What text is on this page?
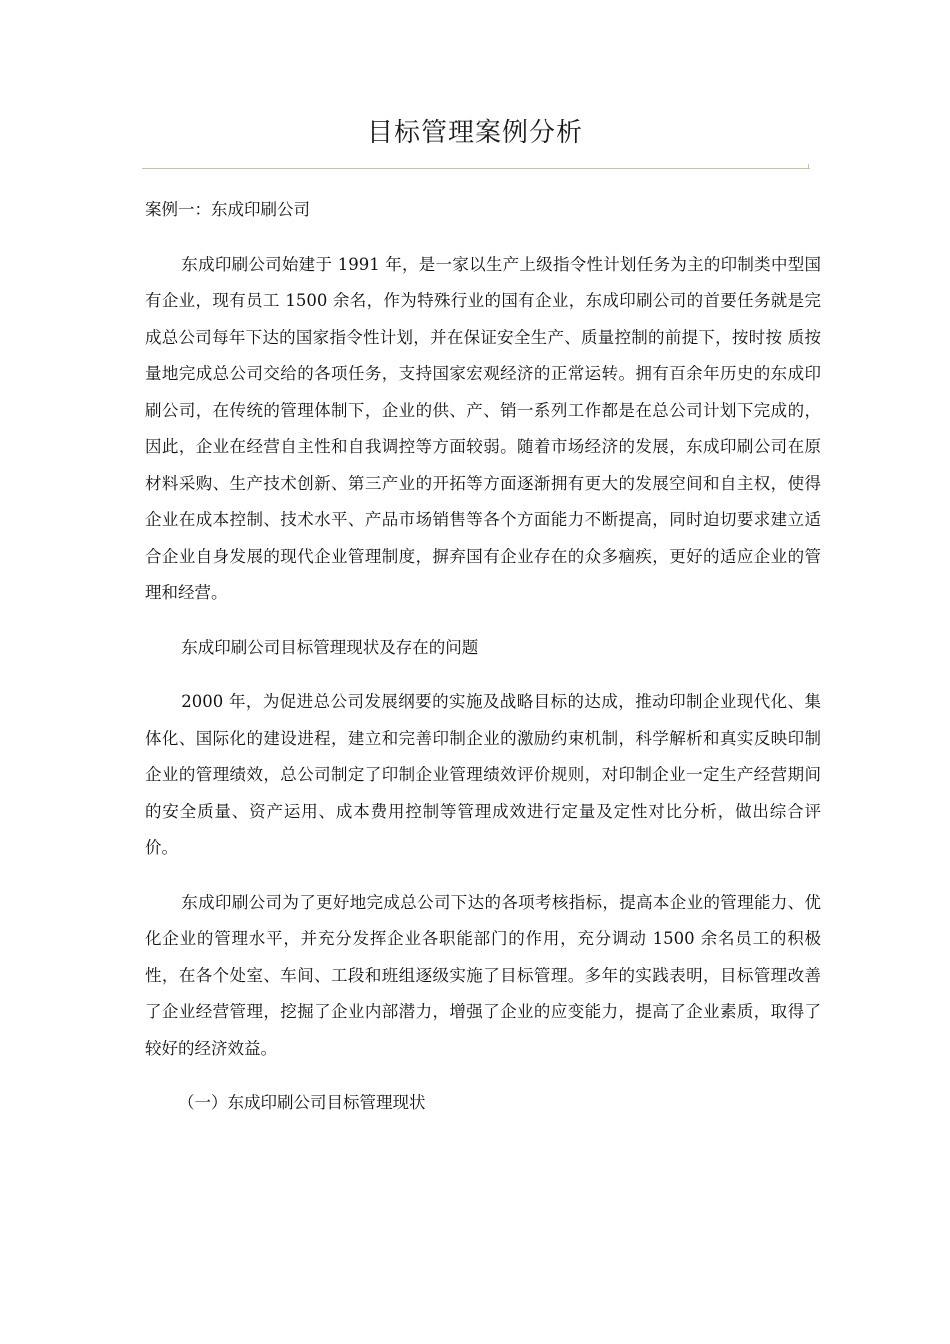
目标管理案例分析

案例一：东成印刷公司

东成印刷公司始建于 1991 年，是一家以生产上级指令性计划任务为主的印制类中型国有企业，现有员工 1500 余名，作为特殊行业的国有企业，东成印刷公司的首要任务就是完成总公司每年下达的国家指令性计划，并在保证安全生产、质量控制的前提下，按时按 质按量地完成总公司交给的各项任务，支持国家宏观经济的正常运转。拥有百余年历史的东成印刷公司，在传统的管理体制下，企业的供、产、销一系列工作都是在总公司计划下完成的，因此，企业在经营自主性和自我调控等方面较弱。随着市场经济的发展，东成印刷公司在原材料采购、生产技术创新、第三产业的开拓等方面逐渐拥有更大的发展空间和自主权，使得企业在成本控制、技术水平、产品市场销售等各个方面能力不断提高，同时迫切要求建立适合企业自身发展的现代企业管理制度，摒弃国有企业存在的众多痼疾，更好的适应企业的管理和经营。

东成印刷公司目标管理现状及存在的问题

2000 年，为促进总公司发展纲要的实施及战略目标的达成，推动印制企业现代化、集体化、国际化的建设进程，建立和完善印制企业的激励约束机制，科学解析和真实反映印制企业的管理绩效，总公司制定了印制企业管理绩效评价规则，对印制企业一定生产经营期间的安全质量、资产运用、成本费用控制等管理成效进行定量及定性对比分析，做出综合评价。

东成印刷公司为了更好地完成总公司下达的各项考核指标，提高本企业的管理能力、优化企业的管理水平，并充分发挥企业各职能部门的作用，充分调动 1500 余名员工的积极性，在各个处室、车间、工段和班组逐级实施了目标管理。多年的实践表明，目标管理改善了企业经营管理，挖掘了企业内部潜力，增强了企业的应变能力，提高了企业素质，取得了较好的经济效益。

（一）东成印刷公司目标管理现状
